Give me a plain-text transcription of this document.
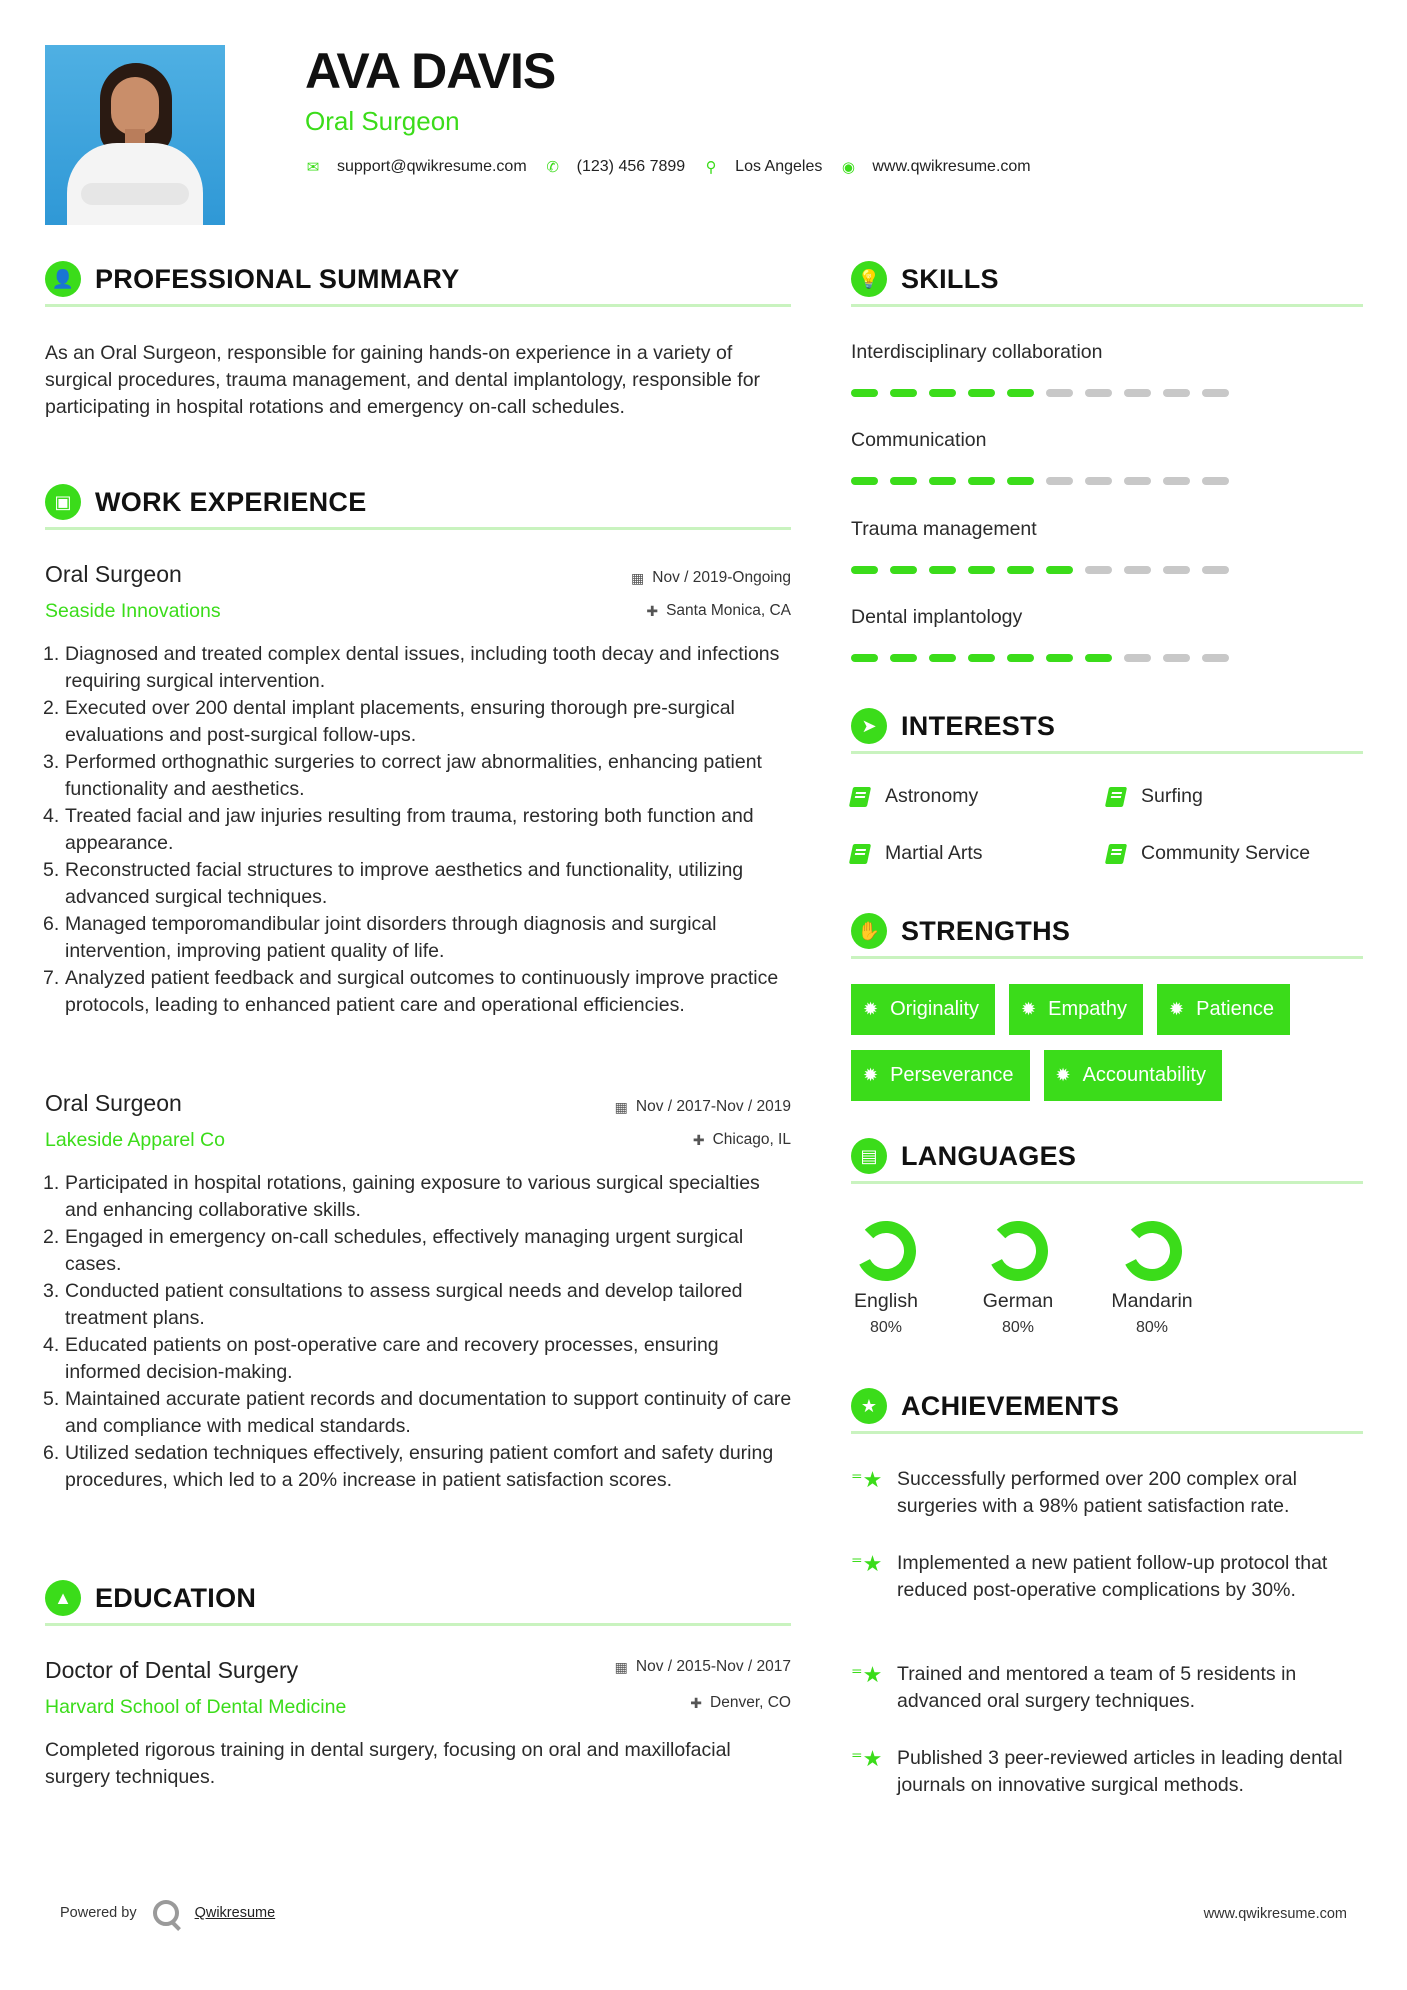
AVA DAVIS
Oral Surgeon
✉ support@qwikresume.com ✆ (123) 456 7899 ⚲ Los Angeles ◉ www.qwikresume.com
👤 PROFESSIONAL SUMMARY
As an Oral Surgeon, responsible for gaining hands-on experience in a variety of surgical procedures, trauma management, and dental implantology, responsible for participating in hospital rotations and emergency on-call schedules.
▣ WORK EXPERIENCE
Oral Surgeon
Seaside Innovations
▦ Nov / 2019-Ongoing
✚ Santa Monica, CA
1. Diagnosed and treated complex dental issues, including tooth decay and infections requiring surgical intervention.
2. Executed over 200 dental implant placements, ensuring thorough pre-surgical evaluations and post-surgical follow-ups.
3. Performed orthognathic surgeries to correct jaw abnormalities, enhancing patient functionality and aesthetics.
4. Treated facial and jaw injuries resulting from trauma, restoring both function and appearance.
5. Reconstructed facial structures to improve aesthetics and functionality, utilizing advanced surgical techniques.
6. Managed temporomandibular joint disorders through diagnosis and surgical intervention, improving patient quality of life.
7. Analyzed patient feedback and surgical outcomes to continuously improve practice protocols, leading to enhanced patient care and operational efficiencies.
Oral Surgeon
Lakeside Apparel Co
▦ Nov / 2017-Nov / 2019
✚ Chicago, IL
1. Participated in hospital rotations, gaining exposure to various surgical specialties and enhancing collaborative skills.
2. Engaged in emergency on-call schedules, effectively managing urgent surgical cases.
3. Conducted patient consultations to assess surgical needs and develop tailored treatment plans.
4. Educated patients on post-operative care and recovery processes, ensuring informed decision-making.
5. Maintained accurate patient records and documentation to support continuity of care and compliance with medical standards.
6. Utilized sedation techniques effectively, ensuring patient comfort and safety during procedures, which led to a 20% increase in patient satisfaction scores.
▲ EDUCATION
Doctor of Dental Surgery
Harvard School of Dental Medicine
▦ Nov / 2015-Nov / 2017
✚ Denver, CO
Completed rigorous training in dental surgery, focusing on oral and maxillofacial surgery techniques.
💡 SKILLS
Interdisciplinary collaboration
Communication
Trauma management
Dental implantology
➤ INTERESTS
Astronomy	Surfing
Martial Arts	Community Service
✋ STRENGTHS
✹ Originality ✹ Empathy ✹ Patience
✹ Perseverance ✹ Accountability
▤ LANGUAGES
English
80%
German
80%
Mandarin
80%
★ ACHIEVEMENTS
⁼★ Successfully performed over 200 complex oral surgeries with a 98% patient satisfaction rate.
⁼★ Implemented a new patient follow-up protocol that reduced post-operative complications by 30%.
⁼★ Trained and mentored a team of 5 residents in advanced oral surgery techniques.
⁼★ Published 3 peer-reviewed articles in leading dental journals on innovative surgical methods.
Powered by	Qwikresume	www.qwikresume.com
